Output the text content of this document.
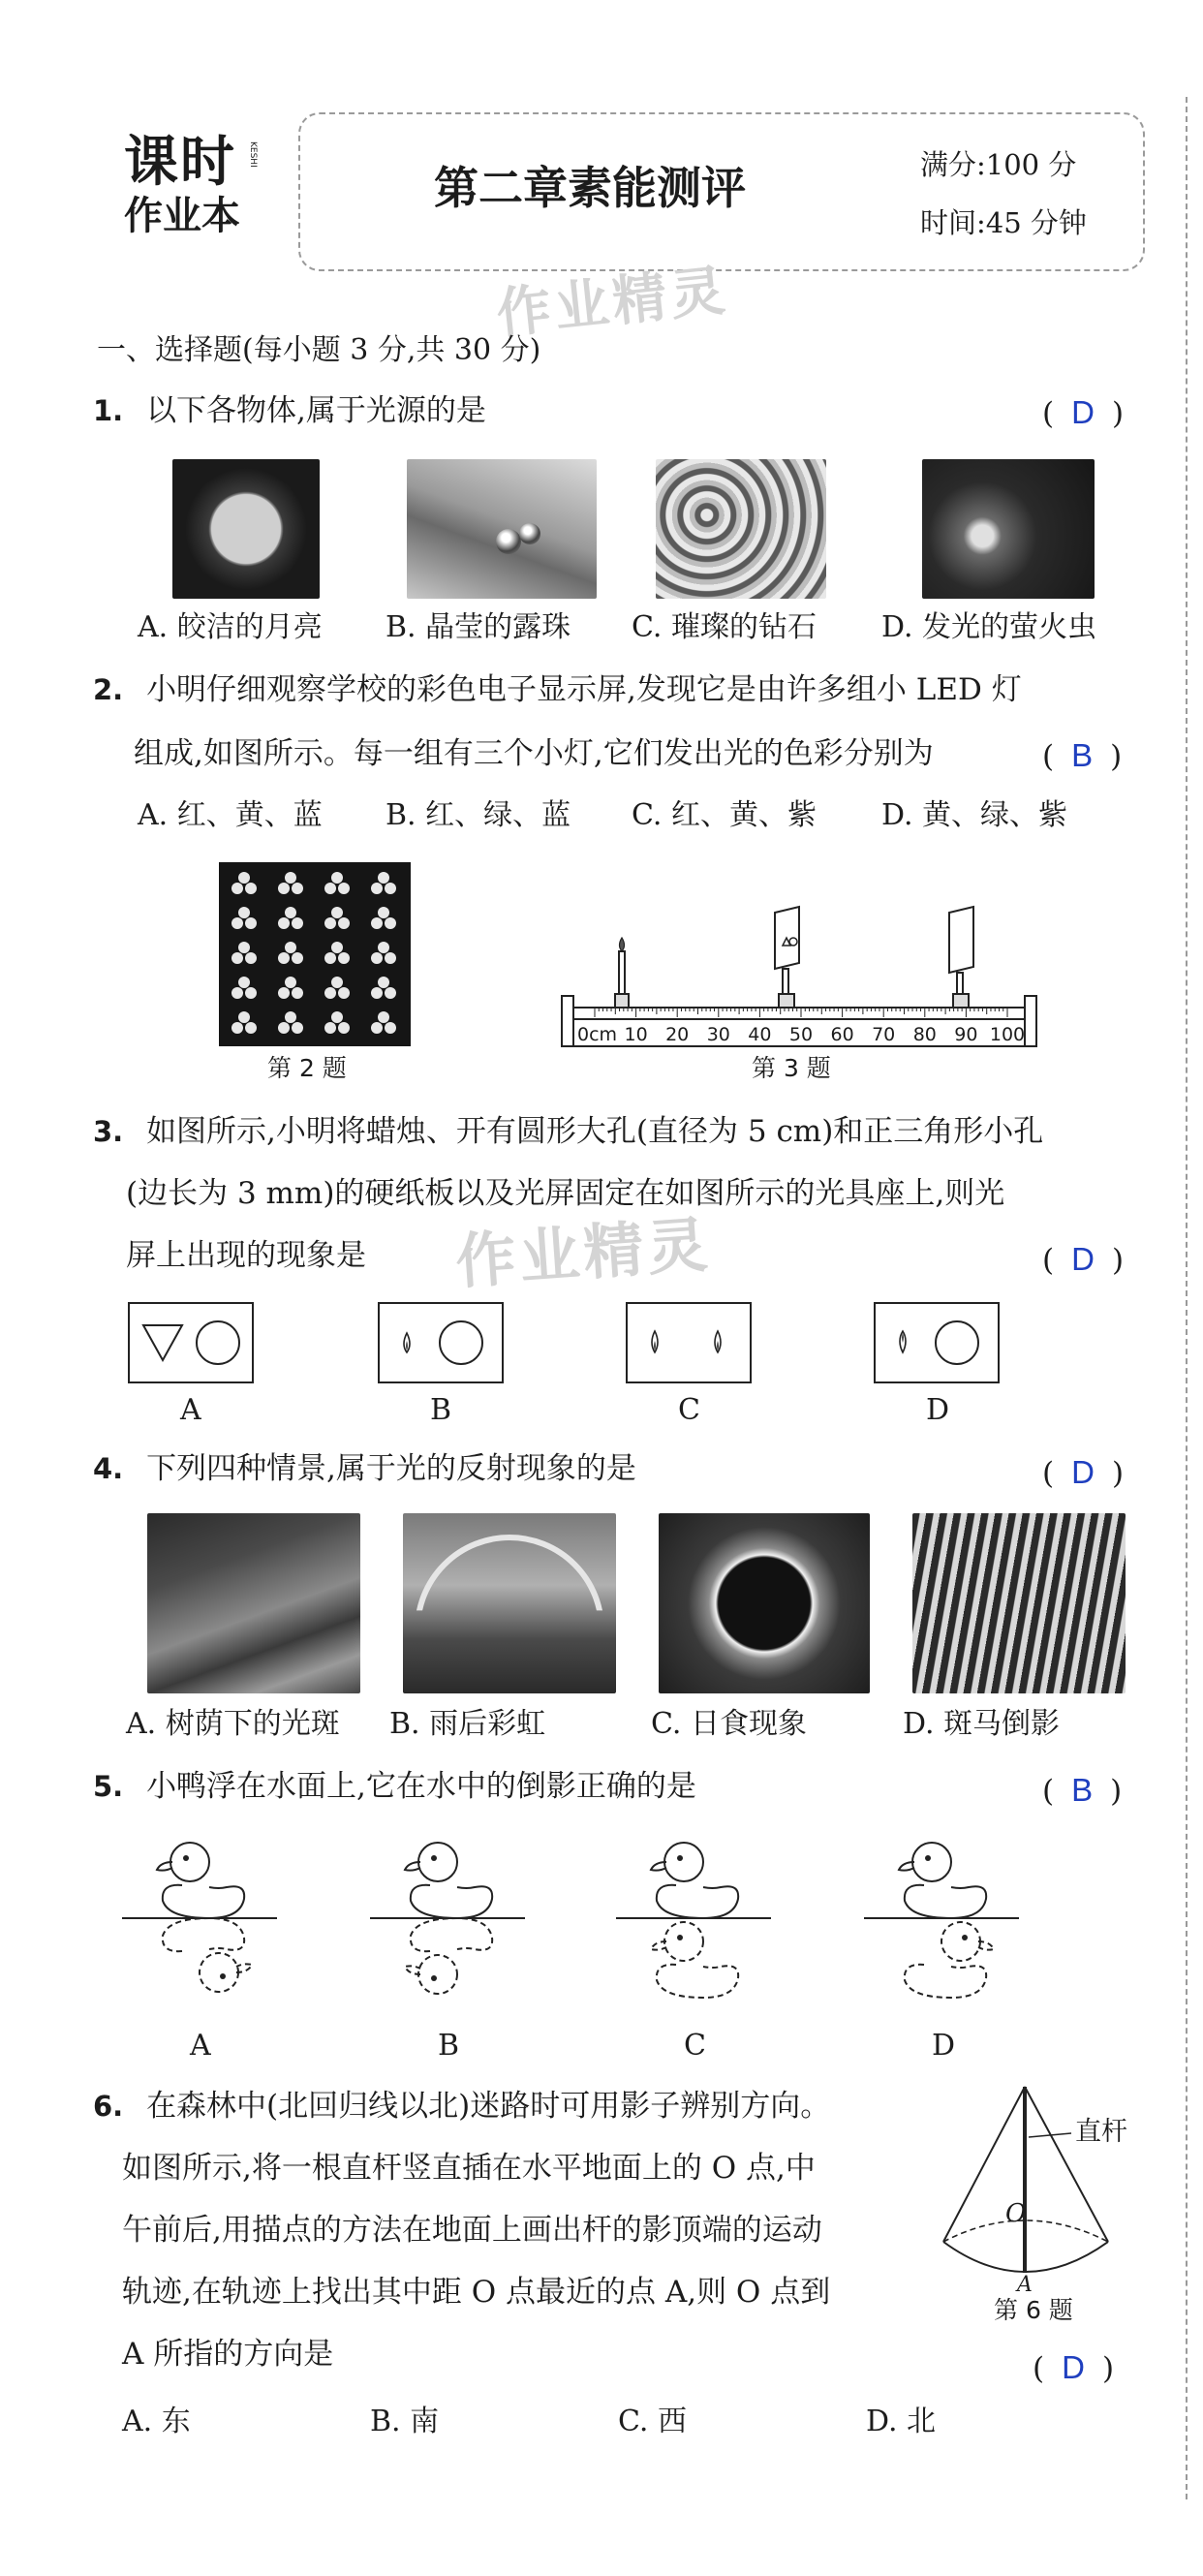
课时 KESHI
作业本
第二章素能测评	满分:100 分
时间:45 分钟
作业精灵
作业精灵
一、选择题(每小题 3 分,共 30 分)
1. 以下各物体,属于光源的是	( D )
A. 皎洁的月亮 B. 晶莹的露珠 C. 璀璨的钻石 D. 发光的萤火虫
2. 小明仔细观察学校的彩色电子显示屏,发现它是由许多组小 LED 灯
组成,如图所示。每一组有三个小灯,它们发出光的色彩分别为	( B )
A. 红、黄、蓝 B. 红、绿、蓝 C. 红、黄、紫 D. 黄、绿、紫
第 2 题
0cm 10 20 30 40 50 60 70 80 90 100
第 3 题
3. 如图所示,小明将蜡烛、开有圆形大孔(直径为 5 cm)和正三角形小孔
(边长为 3 mm)的硬纸板以及光屏固定在如图所示的光具座上,则光
屏上出现的现象是	( D )
A	B	C	D
4. 下列四种情景,属于光的反射现象的是	( D )
A. 树荫下的光斑 B. 雨后彩虹	C. 日食现象	D. 斑马倒影
5. 小鸭浮在水面上,它在水中的倒影正确的是	( B )
A	B	C	D
6. 在森林中(北回归线以北)迷路时可用影子辨别方向。
如图所示,将一根直杆竖直插在水平地面上的 O 点,中
午前后,用描点的方法在地面上画出杆的影顶端的运动
轨迹,在轨迹上找出其中距 O 点最近的点 A,则 O 点到
A 所指的方向是	( D )
直杆
O
A
第 6 题
A. 东	B. 南	C. 西	D. 北
